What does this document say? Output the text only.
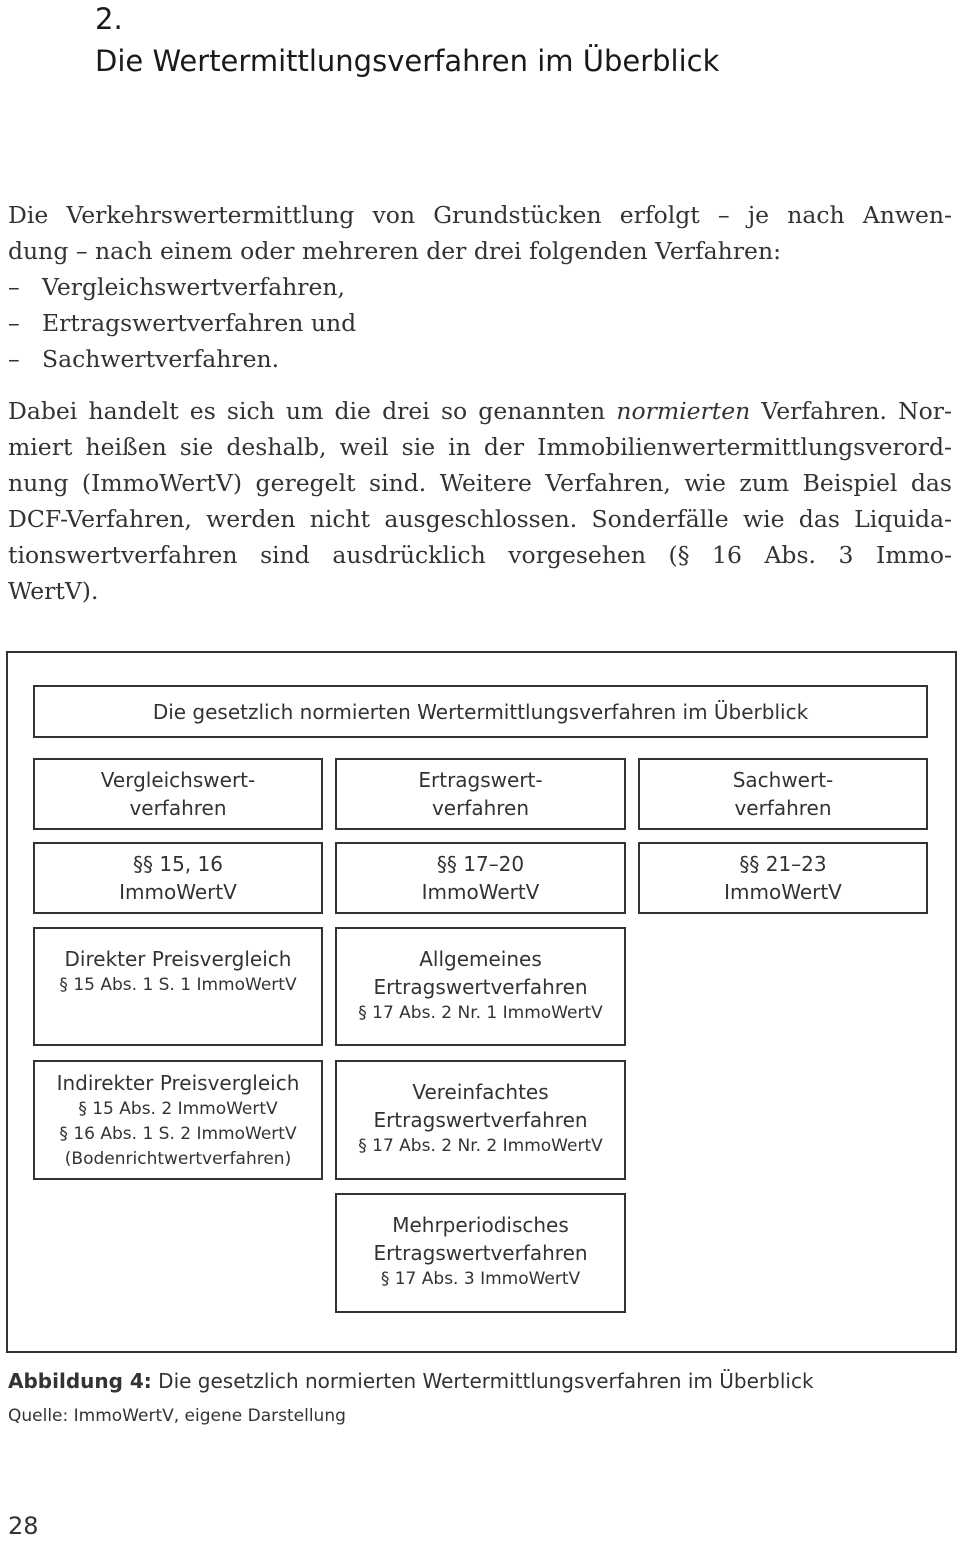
2.
Die Wertermittlungsverfahren im Überblick
Die Verkehrswertermittlung von Grundstücken erfolgt – je nach Anwen-
dung – nach einem oder mehreren der drei folgenden Verfahren:
– Vergleichswertverfahren,
– Ertragswertverfahren und
– Sachwertverfahren.
Dabei handelt es sich um die drei so genannten normierten Verfahren. Nor-
miert heißen sie deshalb, weil sie in der Immobilienwertermittlungsverord-
nung (ImmoWertV) geregelt sind. Weitere Verfahren, wie zum Beispiel das
DCF-Verfahren, werden nicht ausgeschlossen. Sonderfälle wie das Liquida-
tionswertverfahren sind ausdrücklich vorgesehen (§ 16 Abs. 3 Immo-
WertV).
Die gesetzlich normierten Wertermittlungsverfahren im Überblick
Vergleichswert-
verfahren
Ertragswert-
verfahren
Sachwert-
verfahren
§§ 15, 16
ImmoWertV
§§ 17–20
ImmoWertV
§§ 21–23
ImmoWertV
Direkter Preisvergleich
§ 15 Abs. 1 S. 1 ImmoWertV
Allgemeines
Ertragswertverfahren
§ 17 Abs. 2 Nr. 1 ImmoWertV
Indirekter Preisvergleich
§ 15 Abs. 2 ImmoWertV
§ 16 Abs. 1 S. 2 ImmoWertV
(Bodenrichtwertverfahren)
Vereinfachtes
Ertragswertverfahren
§ 17 Abs. 2 Nr. 2 ImmoWertV
Mehrperiodisches
Ertragswertverfahren
§ 17 Abs. 3 ImmoWertV
Abbildung 4: Die gesetzlich normierten Wertermittlungsverfahren im Überblick
Quelle: ImmoWertV, eigene Darstellung
28
